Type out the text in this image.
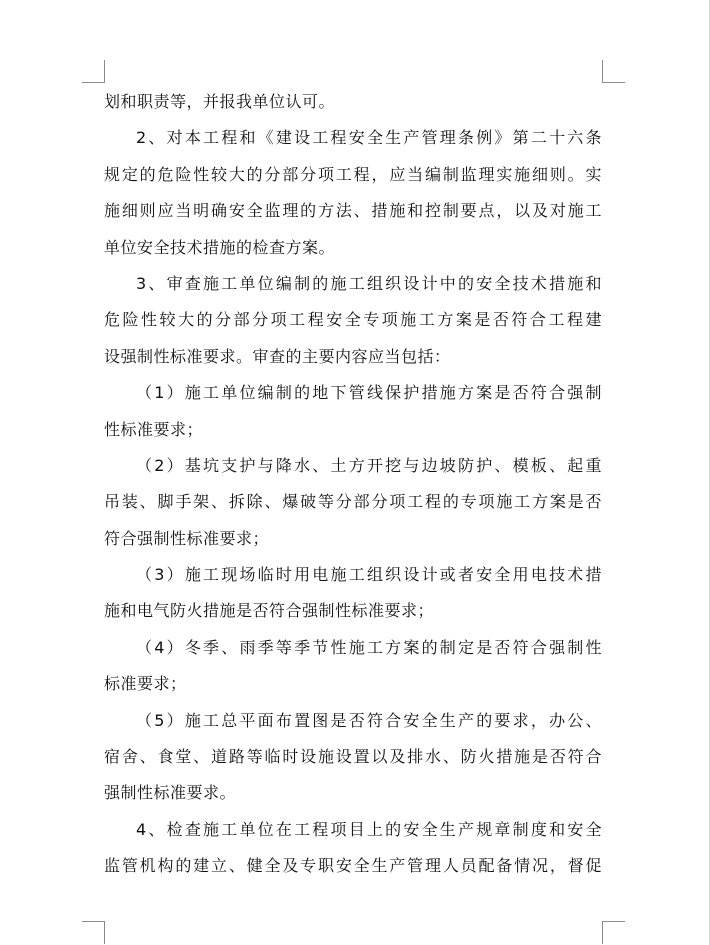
划和职责等，并报我单位认可。
2、对本工程和《建设工程安全生产管理条例》第二十六条
规定的危险性较大的分部分项工程，应当编制监理实施细则。实
施细则应当明确安全监理的方法、措施和控制要点，以及对施工
单位安全技术措施的检查方案。
3、审查施工单位编制的施工组织设计中的安全技术措施和
危险性较大的分部分项工程安全专项施工方案是否符合工程建
设强制性标准要求。审查的主要内容应当包括：
（1）施工单位编制的地下管线保护措施方案是否符合强制
性标准要求；
（2）基坑支护与降水、土方开挖与边坡防护、模板、起重
吊装、脚手架、拆除、爆破等分部分项工程的专项施工方案是否
符合强制性标准要求；
（3）施工现场临时用电施工组织设计或者安全用电技术措
施和电气防火措施是否符合强制性标准要求；
（4）冬季、雨季等季节性施工方案的制定是否符合强制性
标准要求；
（5）施工总平面布置图是否符合安全生产的要求，办公、
宿舍、食堂、道路等临时设施设置以及排水、防火措施是否符合
强制性标准要求。
4、检查施工单位在工程项目上的安全生产规章制度和安全
监管机构的建立、健全及专职安全生产管理人员配备情况，督促
